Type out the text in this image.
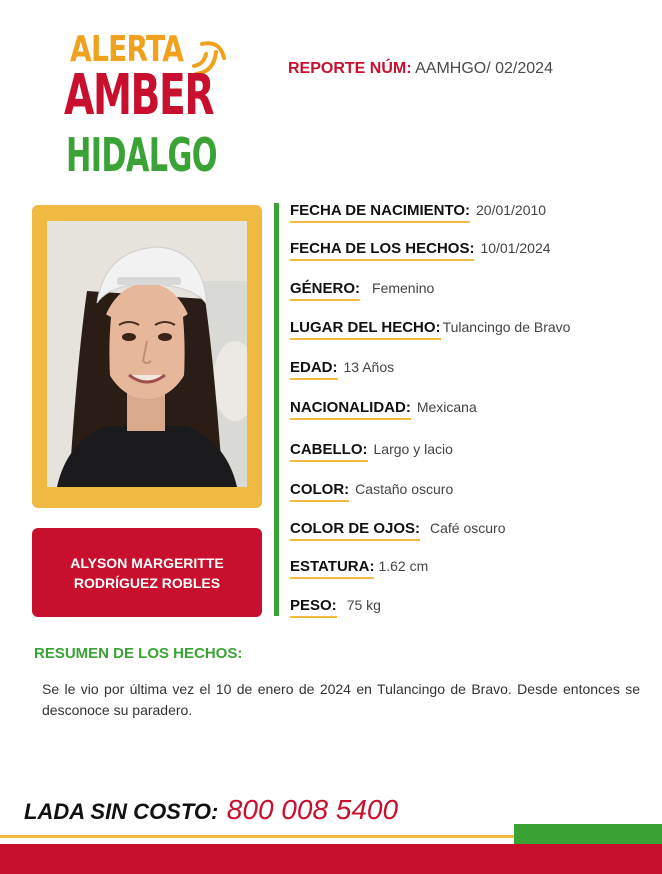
ALERTA
AMBER
HIDALGO
REPORTE NÚM: AAMHGO/ 02/2024
ALYSON MARGERITTE
RODRÍGUEZ ROBLES
FECHA DE NACIMIENTO: 20/01/2010
FECHA DE LOS HECHOS: 10/01/2024
GÉNERO: Femenino
LUGAR DEL HECHO: Tulancingo de Bravo
EDAD: 13 Años
NACIONALIDAD: Mexicana
CABELLO: Largo y lacio
COLOR: Castaño oscuro
COLOR DE OJOS: Café oscuro
ESTATURA: 1.62 cm
PESO: 75 kg
RESUMEN DE LOS HECHOS:
Se le vio por última vez el 10 de enero de 2024 en Tulancingo de Bravo. Desde entonces se desconoce su paradero.
LADA SIN COSTO: 800 008 5400
